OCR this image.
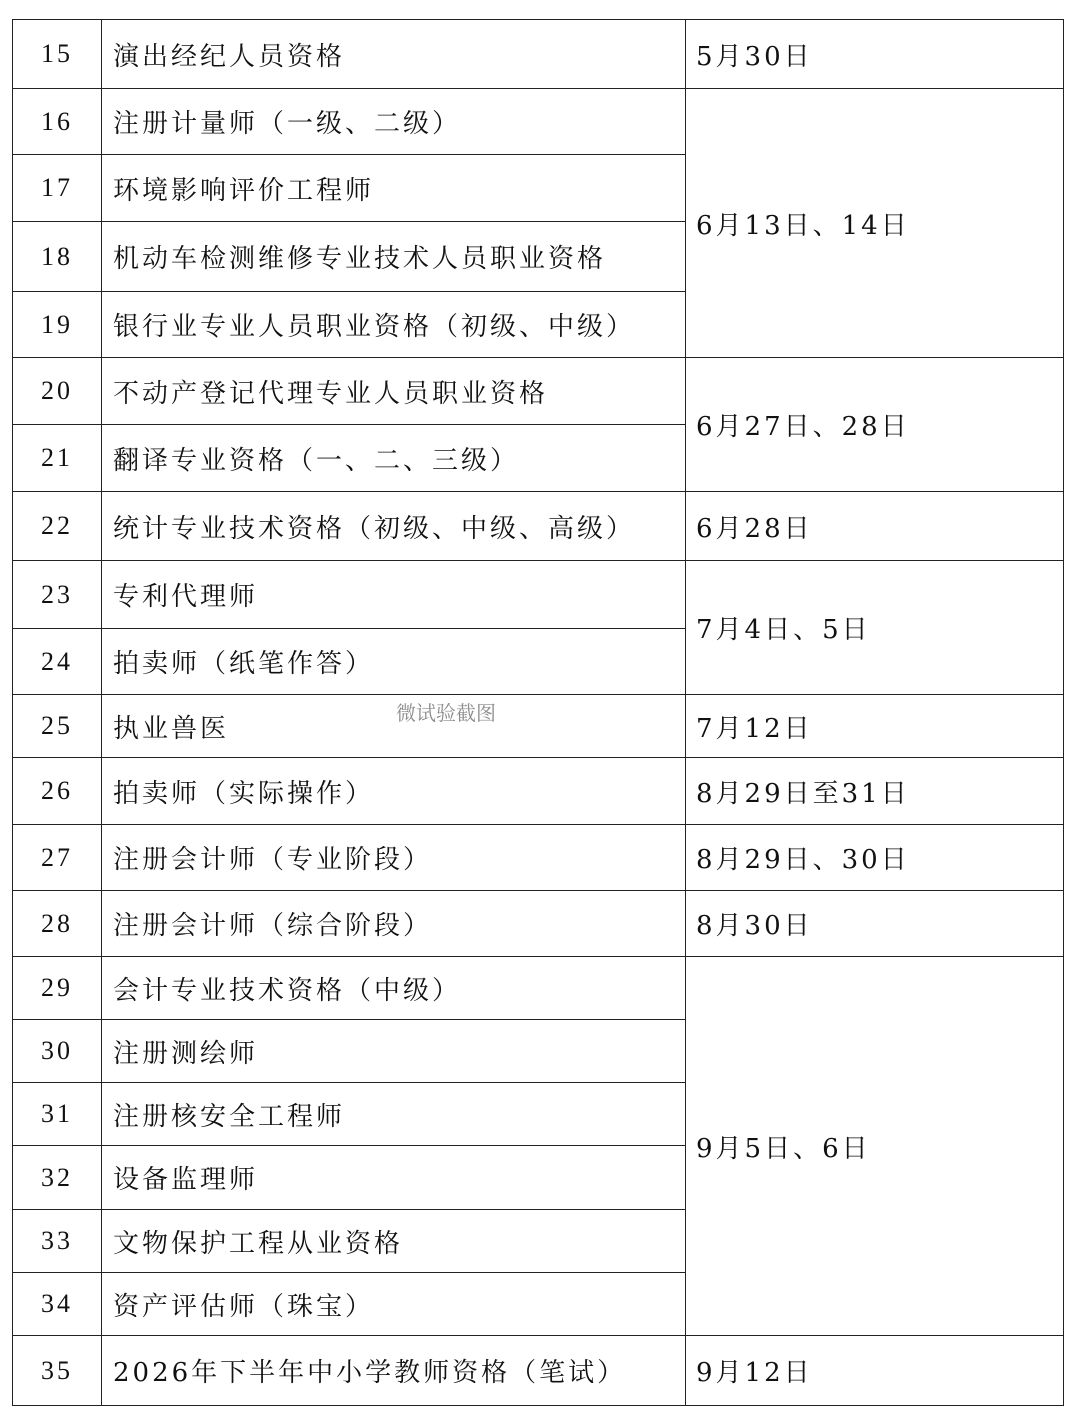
15	演出经纪人员资格	5月30日
16	注册计量师（一级、二级）	6月13日、14日
17	环境影响评价工程师	
18	机动车检测维修专业技术人员职业资格	
19	银行业专业人员职业资格（初级、中级）	
20	不动产登记代理专业人员职业资格	6月27日、28日
21	翻译专业资格（一、二、三级）	
22	统计专业技术资格（初级、中级、高级）	6月28日
23	专利代理师	7月4日、5日
24	拍卖师（纸笔作答）	
25	执业兽医	7月12日
26	拍卖师（实际操作）	8月29日至31日
27	注册会计师（专业阶段）	8月29日、30日
28	注册会计师（综合阶段）	8月30日
29	会计专业技术资格（中级）	9月5日、6日
30	注册测绘师	
31	注册核安全工程师	
32	设备监理师	
33	文物保护工程从业资格	
34	资产评估师（珠宝）	
35	2026年下半年中小学教师资格（笔试）	9月12日
微试验截图
